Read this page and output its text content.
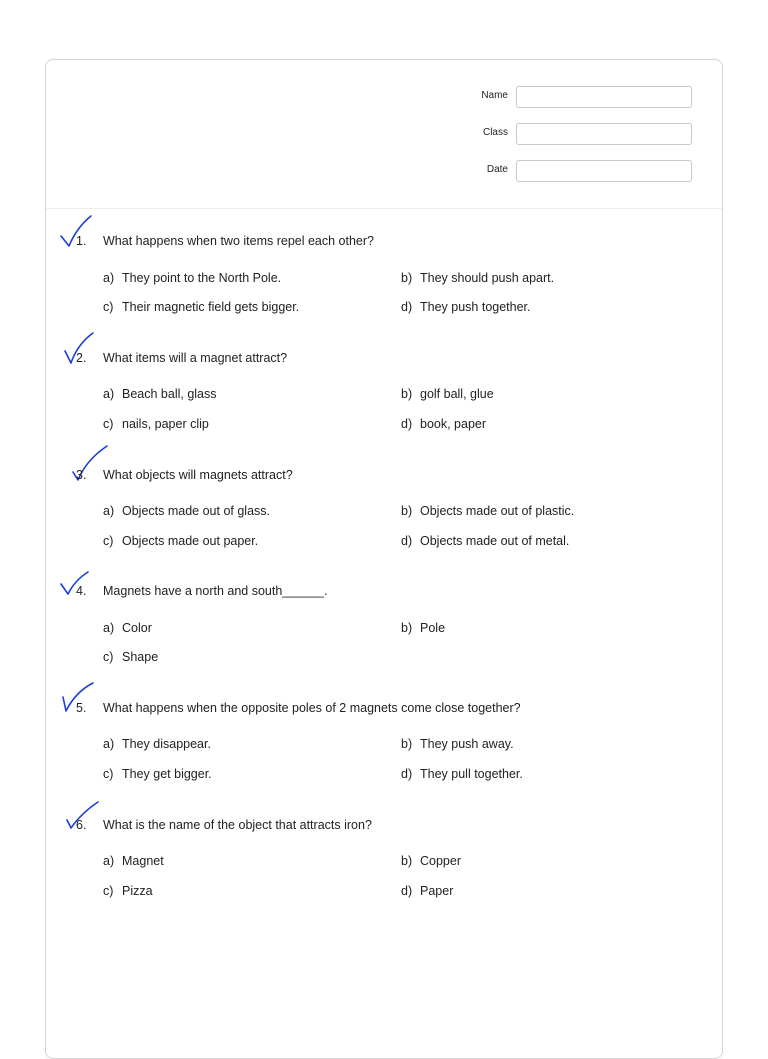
Name
Class
Date
1. What happens when two items repel each other?
a) They point to the North Pole.	b) They should push apart.
c) Their magnetic field gets bigger.	d) They push together.
2. What items will a magnet attract?
a) Beach ball, glass	b) golf ball, glue
c) nails, paper clip	d) book, paper
3. What objects will magnets attract?
a) Objects made out of glass.	b) Objects made out of plastic.
c) Objects made out paper.	d) Objects made out of metal.
4. Magnets have a north and south______.
a) Color	b) Pole
c) Shape
5. What happens when the opposite poles of 2 magnets come close together?
a) They disappear.	b) They push away.
c) They get bigger.	d) They pull together.
6. What is the name of the object that attracts iron?
a) Magnet	b) Copper
c) Pizza	d) Paper
